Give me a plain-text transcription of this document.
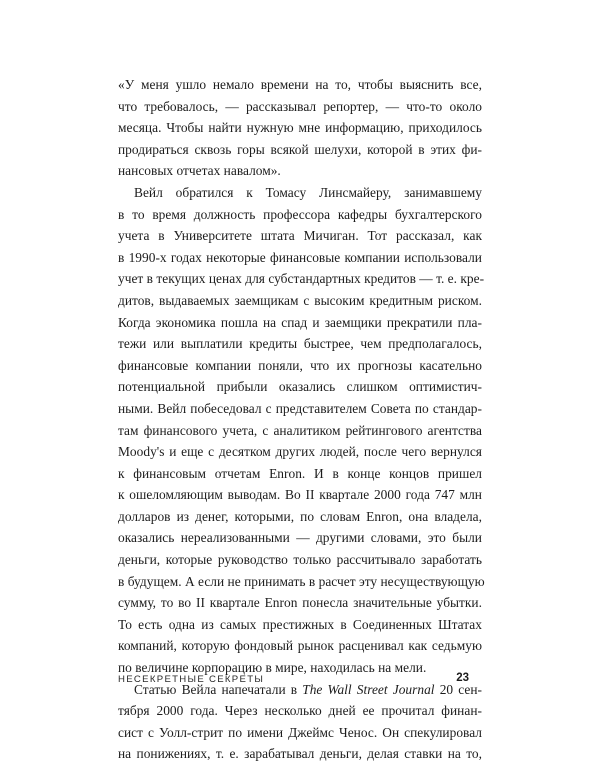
«У меня ушло немало времени на то, чтобы выяснить все,
что требовалось, — рассказывал репортер, — что-то около
месяца. Чтобы найти нужную мне информацию, приходилось
продираться сквозь горы всякой шелухи, которой в этих фи-
нансовых отчетах навалом».
Вейл обратился к Томасу Линсмайеру, занимавшему
в то время должность профессора кафедры бухгалтерского
учета в Университете штата Мичиган. Тот рассказал, как
в 1990-х годах некоторые финансовые компании использовали
учет в текущих ценах для субстандартных кредитов — т. е. кре-
дитов, выдаваемых заемщикам с высоким кредитным риском.
Когда экономика пошла на спад и заемщики прекратили пла-
тежи или выплатили кредиты быстрее, чем предполагалось,
финансовые компании поняли, что их прогнозы касательно
потенциальной прибыли оказались слишком оптимистич-
ными. Вейл побеседовал с представителем Совета по стандар-
там финансового учета, с аналитиком рейтингового агентства
Moody's и еще с десятком других людей, после чего вернулся
к финансовым отчетам Enron. И в конце концов пришел
к ошеломляющим выводам. Во II квартале 2000 года 747 млн
долларов из денег, которыми, по словам Enron, она владела,
оказались нереализованными — другими словами, это были
деньги, которые руководство только рассчитывало заработать
в будущем. А если не принимать в расчет эту несуществующую
сумму, то во II квартале Enron понесла значительные убытки.
То есть одна из самых престижных в Соединенных Штатах
компаний, которую фондовый рынок расценивал как седьмую
по величине корпорацию в мире, находилась на мели.
Статью Вейла напечатали в The Wall Street Journal 20 сен-
тября 2000 года. Через несколько дней ее прочитал финан-
сист с Уолл-стрит по имени Джеймс Ченос. Он спекулировал
на понижениях, т. е. зарабатывал деньги, делая ставки на то,
НЕСЕКРЕТНЫЕ СЕКРЕТЫ	23
